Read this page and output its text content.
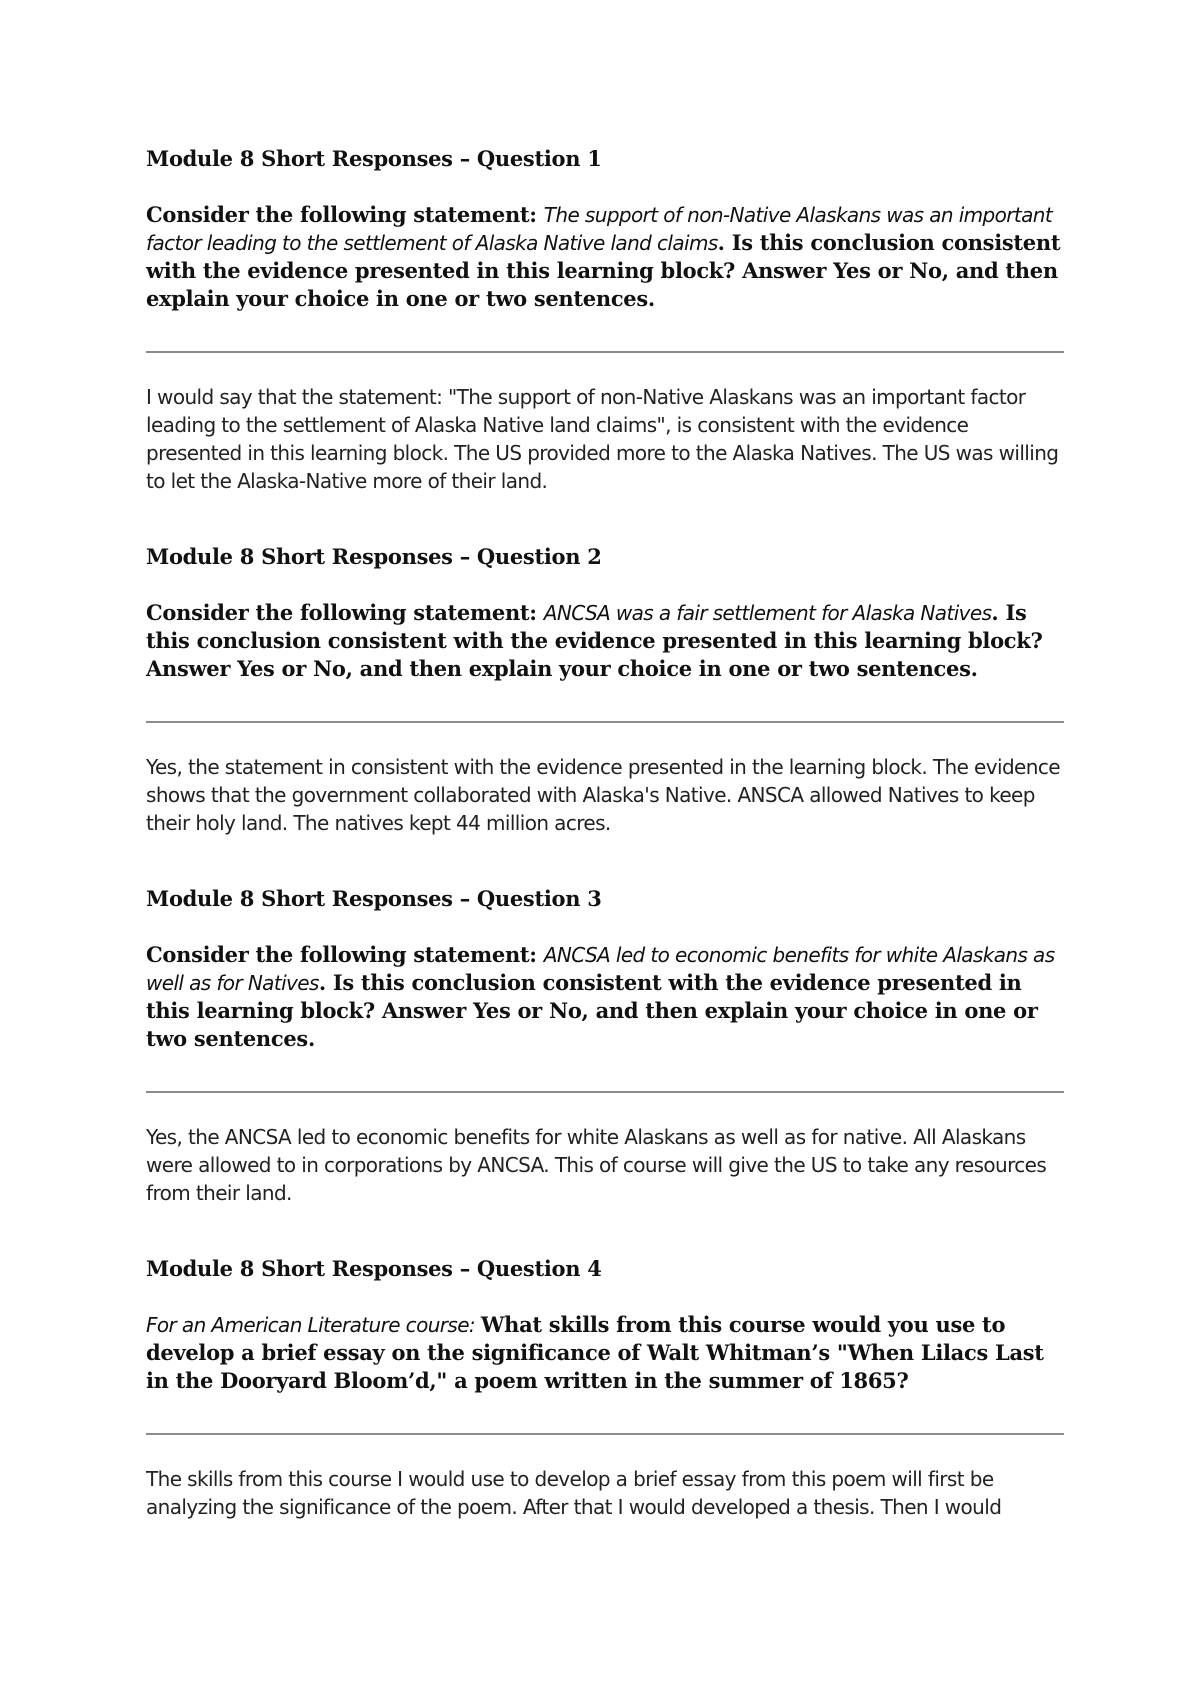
Module 8 Short Responses – Question 1

Consider the following statement: The support of non-Native Alaskans was an important factor leading to the settlement of Alaska Native land claims. Is this conclusion consistent with the evidence presented in this learning block? Answer Yes or No, and then explain your choice in one or two sentences.

I would say that the statement: "The support of non-Native Alaskans was an important factor leading to the settlement of Alaska Native land claims", is consistent with the evidence presented in this learning block. The US provided more to the Alaska Natives. The US was willing to let the Alaska-Native more of their land.

Module 8 Short Responses – Question 2

Consider the following statement: ANCSA was a fair settlement for Alaska Natives. Is this conclusion consistent with the evidence presented in this learning block? Answer Yes or No, and then explain your choice in one or two sentences.

Yes, the statement in consistent with the evidence presented in the learning block. The evidence shows that the government collaborated with Alaska's Native. ANSCA allowed Natives to keep their holy land. The natives kept 44 million acres.

Module 8 Short Responses – Question 3

Consider the following statement: ANCSA led to economic benefits for white Alaskans as well as for Natives. Is this conclusion consistent with the evidence presented in this learning block? Answer Yes or No, and then explain your choice in one or two sentences.

Yes, the ANCSA led to economic benefits for white Alaskans as well as for native. All Alaskans were allowed to in corporations by ANCSA. This of course will give the US to take any resources from their land.

Module 8 Short Responses – Question 4

For an American Literature course: What skills from this course would you use to develop a brief essay on the significance of Walt Whitman’s "When Lilacs Last in the Dooryard Bloom’d," a poem written in the summer of 1865?

The skills from this course I would use to develop a brief essay from this poem will first be analyzing the significance of the poem. After that I would developed a thesis. Then I would
